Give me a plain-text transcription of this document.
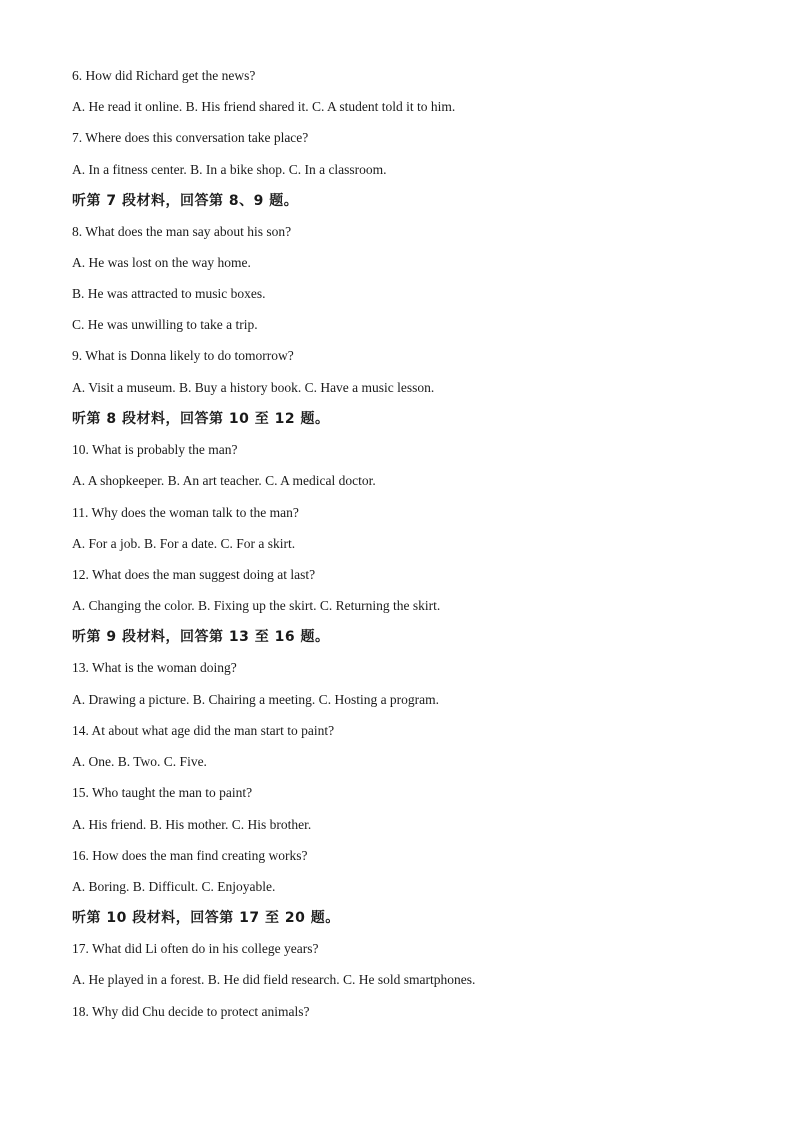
6. How did Richard get the news?
A. He read it online. B. His friend shared it. C. A student told it to him.
7. Where does this conversation take place?
A. In a fitness center. B. In a bike shop. C. In a classroom.
听第 7 段材料，回答第 8、9 题。
8. What does the man say about his son?
A. He was lost on the way home.
B. He was attracted to music boxes.
C. He was unwilling to take a trip.
9. What is Donna likely to do tomorrow?
A. Visit a museum. B. Buy a history book. C. Have a music lesson.
听第 8 段材料，回答第 10 至 12 题。
10. What is probably the man?
A. A shopkeeper. B. An art teacher. C. A medical doctor.
11. Why does the woman talk to the man?
A. For a job. B. For a date. C. For a skirt.
12. What does the man suggest doing at last?
A. Changing the color. B. Fixing up the skirt. C. Returning the skirt.
听第 9 段材料，回答第 13 至 16 题。
13. What is the woman doing?
A. Drawing a picture. B. Chairing a meeting. C. Hosting a program.
14. At about what age did the man start to paint?
A. One. B. Two. C. Five.
15. Who taught the man to paint?
A. His friend. B. His mother. C. His brother.
16. How does the man find creating works?
A. Boring. B. Difficult. C. Enjoyable.
听第 10 段材料，回答第 17 至 20 题。
17. What did Li often do in his college years?
A. He played in a forest. B. He did field research. C. He sold smartphones.
18. Why did Chu decide to protect animals?
